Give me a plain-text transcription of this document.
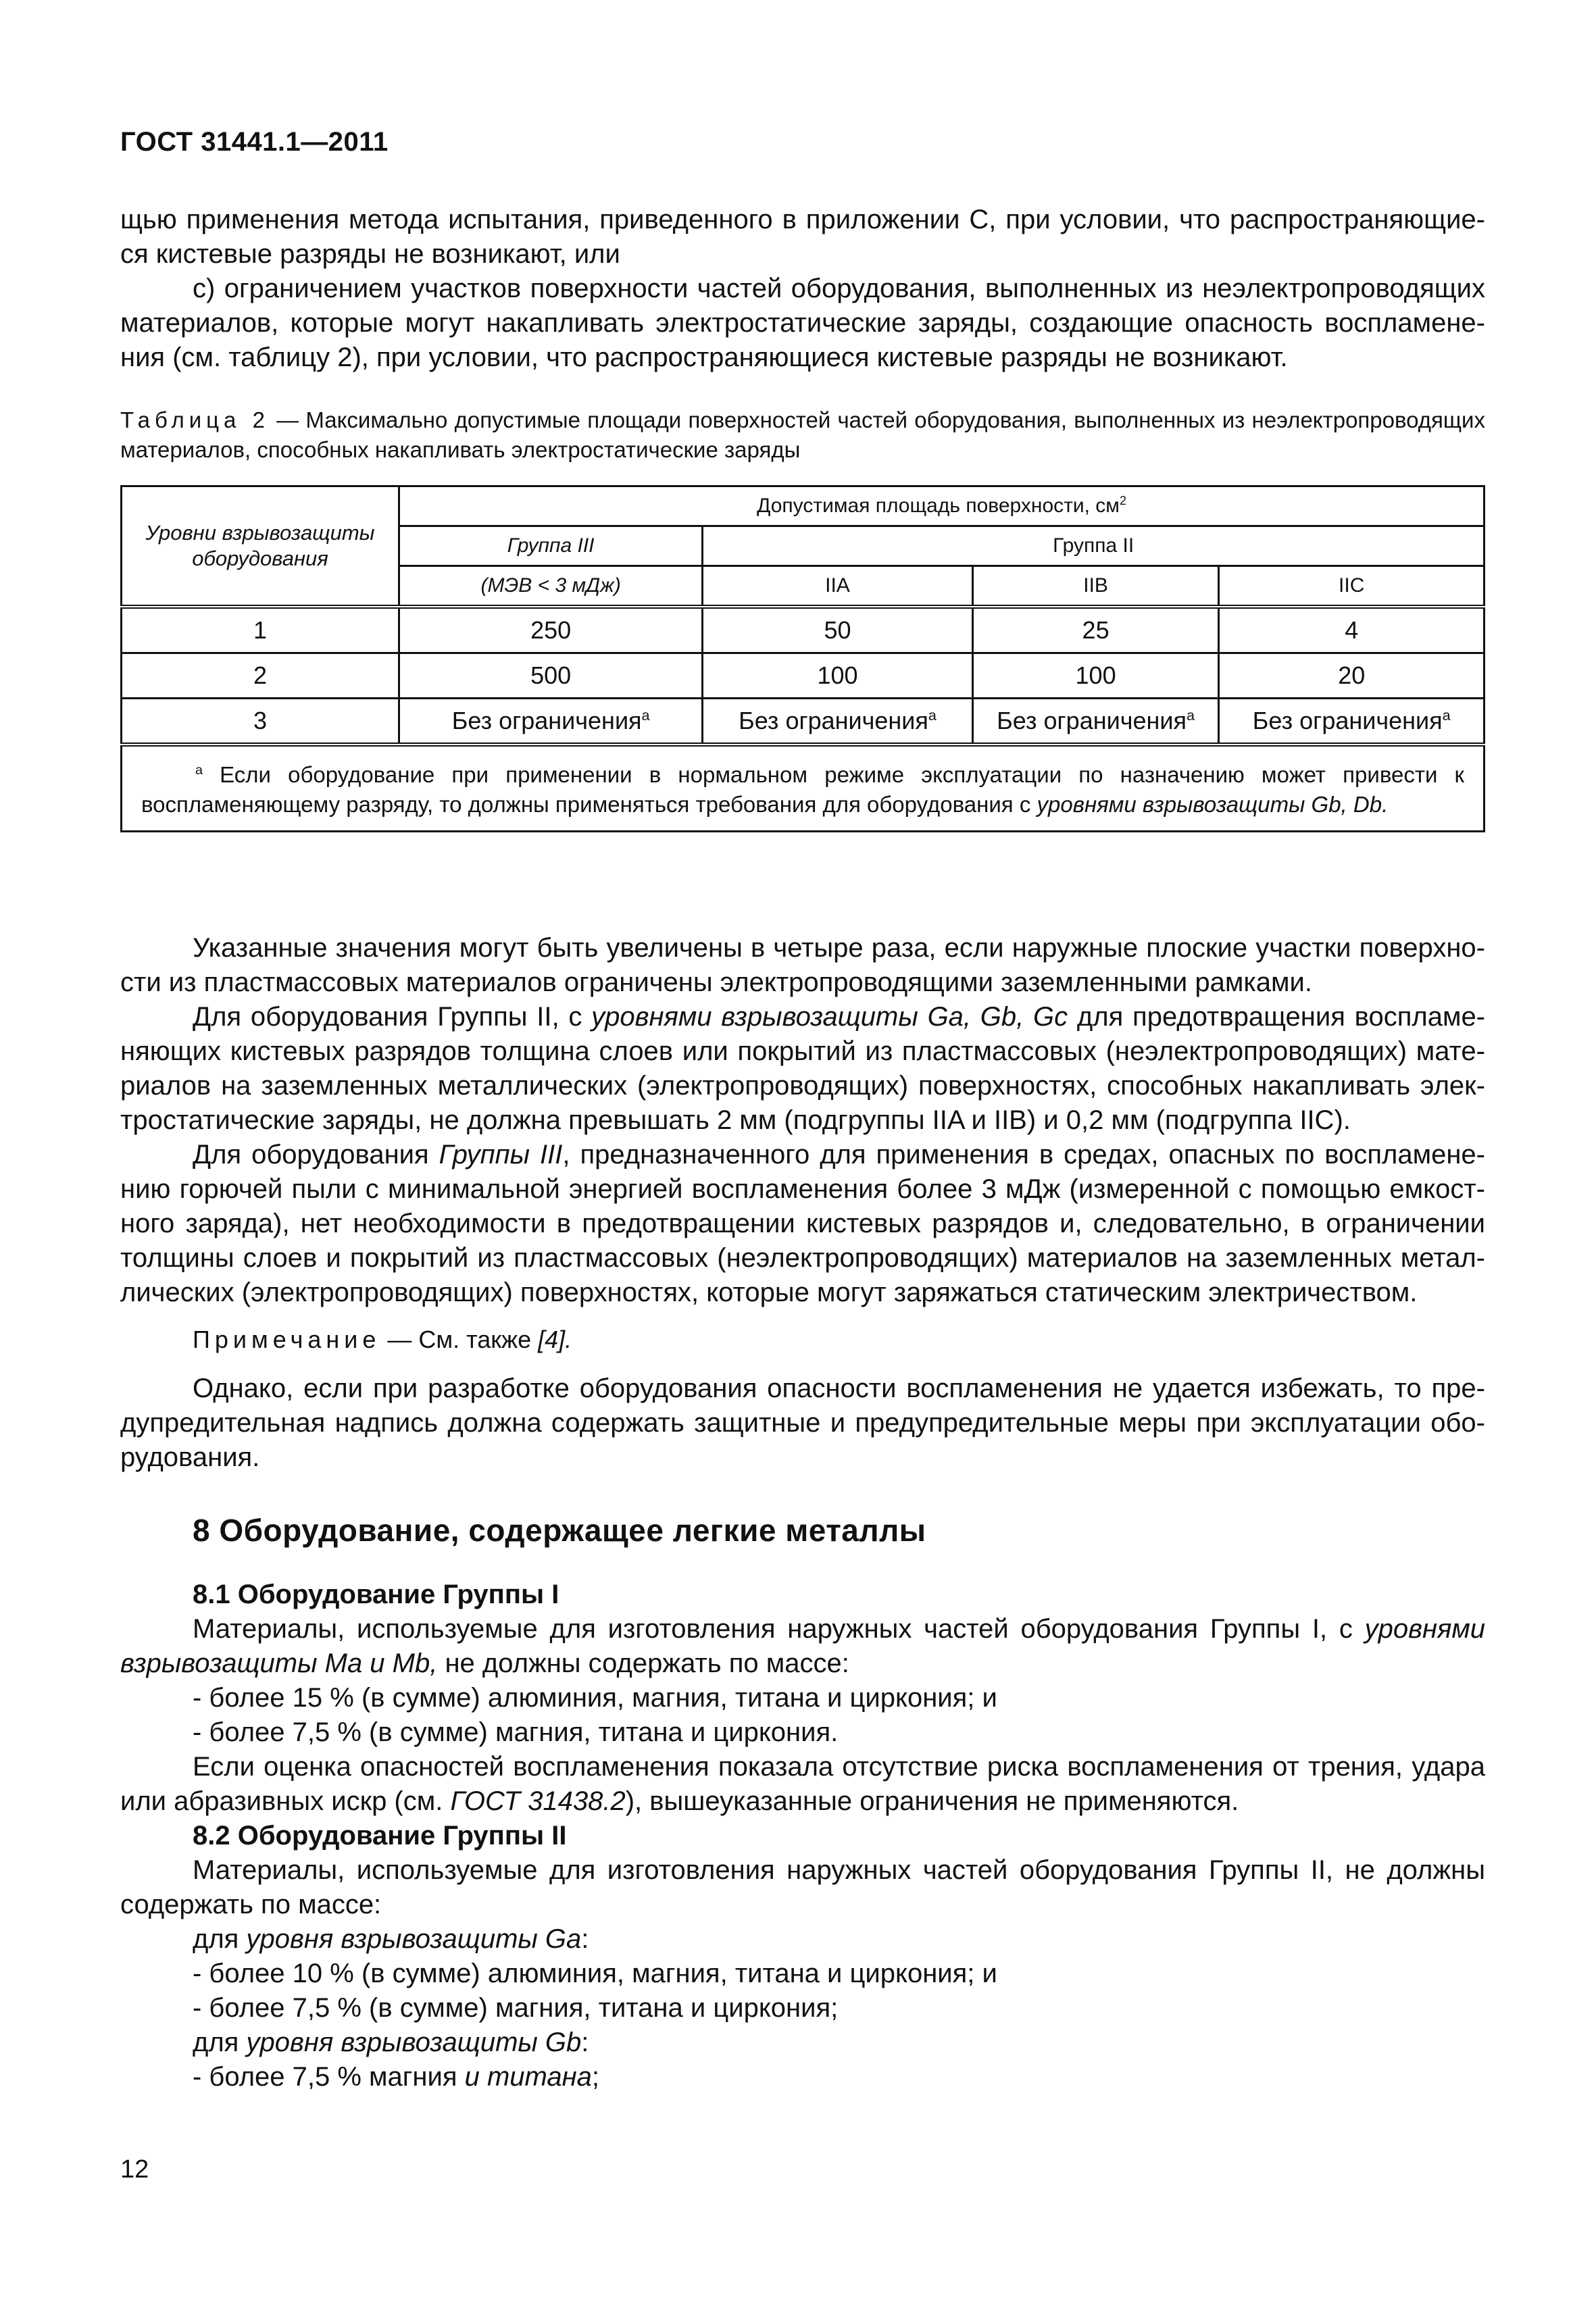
ГОСТ 31441.1—2011

щью применения метода испытания, приведенного в приложении С, при условии, что распространяющие- ся кистевые разряды не возникают, или

c) ограничением участков поверхности частей оборудования, выполненных из неэлектропроводящих материалов, которые могут накапливать электростатические заряды, создающие опасность воспламене- ния (см. таблицу 2), при условии, что распространяющиеся кистевые разряды не возникают.

Таблица 2 — Максимально допустимые площади поверхностей частей оборудования, выполненных из неэлектропроводящих материалов, способных накапливать электростатические заряды
Уровни взрывозащиты оборудования	Допустимая площадь поверхности, $см^2$
	Группа III	Группа II		
	(МЭВ < 3 мДж)	IIA	IIB	IIC
1	250	50	25	4
2	500	100	100	20
3	Без ограничения$^a$	Без ограничения$^a$	Без ограничения$^a$	Без ограничения$^a$
$^a$ Если оборудование при применении в нормальном режиме эксплуатации по назначению может привести к воспламеняющему разряду, то должны применяться требования для оборудования с уровнями взрывозащиты Gb, Db.				

Указанные значения могут быть увеличены в четыре раза, если наружные плоские участки поверхно- сти из пластмассовых материалов ограничены электропроводящими заземленными рамками.

Для оборудования Группы II, с уровнями взрывозащиты Ga, Gb, Gc для предотвращения воспламе- няющих кистевых разрядов толщина слоев или покрытий из пластмассовых (неэлектропроводящих) мате- риалов на заземленных металлических (электропроводящих) поверхностях, способных накапливать элек- тростатические заряды, не должна превышать 2 мм (подгруппы IIA и IIB) и 0,2 мм (подгруппа IIC).

Для оборудования Группы III, предназначенного для применения в средах, опасных по воспламене- нию горючей пыли с минимальной энергией воспламенения более 3 мДж (измеренной с помощью емкост- ного заряда), нет необходимости в предотвращении кистевых разрядов и, следовательно, в ограничении толщины слоев и покрытий из пластмассовых (неэлектропроводящих) материалов на заземленных метал- лических (электропроводящих) поверхностях, которые могут заряжаться статическим электричеством.

Примечание — См. также [4].

Однако, если при разработке оборудования опасности воспламенения не удается избежать, то пре- дупредительная надпись должна содержать защитные и предупредительные меры при эксплуатации обо- рудования.

8 Оборудование, содержащее легкие металлы

8.1 Оборудование Группы I

Материалы, используемые для изготовления наружных частей оборудования Группы I, с уровнями взрывозащиты Ma и Mb, не должны содержать по массе:

- более 15 % (в сумме) алюминия, магния, титана и циркония; и

- более 7,5 % (в сумме) магния, титана и циркония.

Если оценка опасностей воспламенения показала отсутствие риска воспламенения от трения, удара или абразивных искр (см. ГОСТ 31438.2), вышеуказанные ограничения не применяются.

8.2 Оборудование Группы II

Материалы, используемые для изготовления наружных частей оборудования Группы II, не должны содержать по массе:

для уровня взрывозащиты Ga:

- более 10 % (в сумме) алюминия, магния, титана и циркония; и

- более 7,5 % (в сумме) магния, титана и циркония;

для уровня взрывозащиты Gb:

- более 7,5 % магния и титана;

12
